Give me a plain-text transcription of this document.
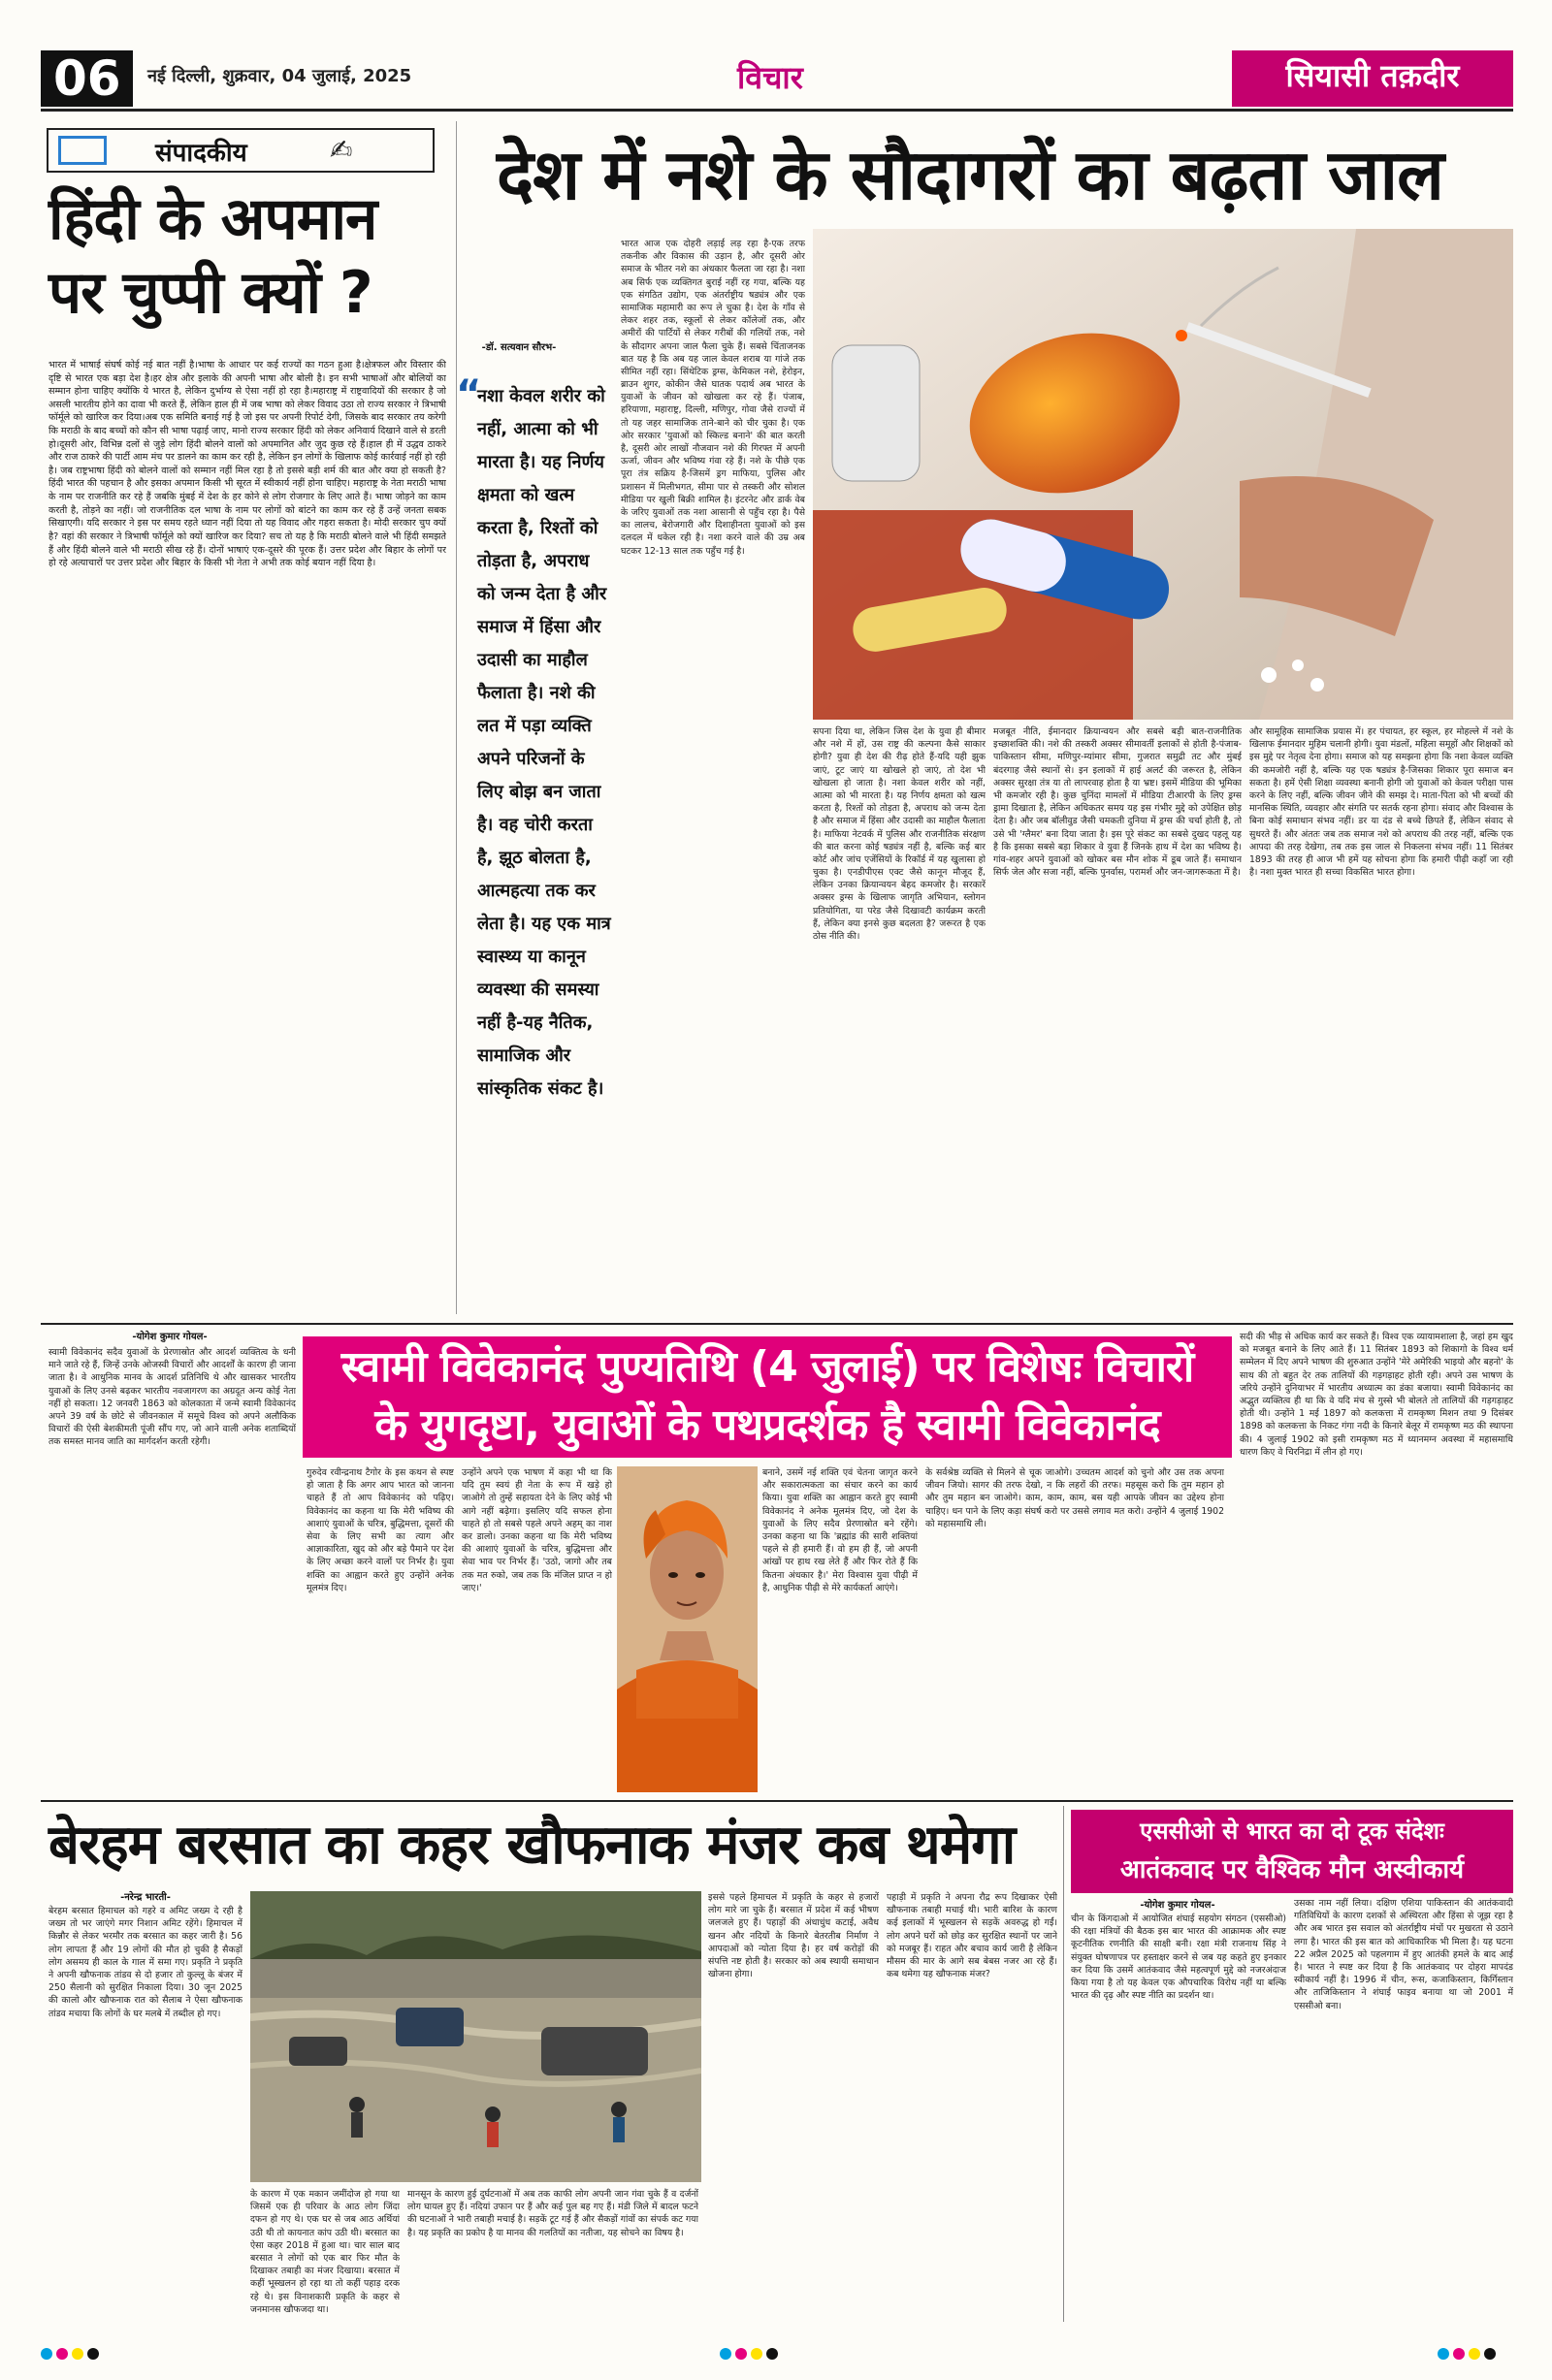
06 नई दिल्ली, शुक्रवार, 04 जुलाई, 2025	विचार	सियासी तक़दीर
संपादकीय	✍
हिंदी के अपमान पर चुप्पी क्यों ?
भारत में भाषाई संघर्ष कोई नई बात नहीं है।भाषा के आधार पर कई राज्यों का गठन हुआ है।क्षेत्रफल और विस्तार की दृष्टि से भारत एक बड़ा देश है।हर क्षेत्र और इलाके की अपनी भाषा और बोली है। इन सभी भाषाओं और बोलियों का सम्मान होना चाहिए क्योंकि ये भारत है, लेकिन दुर्भाग्य से ऐसा नहीं हो रहा है।महाराष्ट्र में राष्ट्रवादियों की सरकार है जो असली भारतीय होने का दावा भी करते हैं, लेकिन हाल ही में जब भाषा को लेकर विवाद उठा तो राज्य सरकार ने त्रिभाषी फॉर्मूले को खारिज कर दिया।अब एक समिति बनाई गई है जो इस पर अपनी रिपोर्ट देगी, जिसके बाद सरकार तय करेगी कि मराठी के बाद बच्चों को कौन सी भाषा पढ़ाई जाए, मानो राज्य सरकार हिंदी को लेकर अनिवार्य दिखाने वाले से डरती हो।दूसरी ओर, विभिन्न दलों से जुड़े लोग हिंदी बोलने वालों को अपमानित और जुद कुछ रहे हैं।हाल ही में उद्धव ठाकरे और राज ठाकरे की पार्टी आम मंच पर डालने का काम कर रही है, लेकिन इन लोगों के खिलाफ कोई कार्रवाई नहीं हो रही है। जब राष्ट्रभाषा हिंदी को बोलने वालों को सम्मान नहीं मिल रहा है तो इससे बड़ी शर्म की बात और क्या हो सकती है? हिंदी भारत की पहचान है और इसका अपमान किसी भी सूरत में स्वीकार्य नहीं होना चाहिए। महाराष्ट्र के नेता मराठी भाषा के नाम पर राजनीति कर रहे हैं जबकि मुंबई में देश के हर कोने से लोग रोजगार के लिए आते हैं। भाषा जोड़ने का काम करती है, तोड़ने का नहीं। जो राजनीतिक दल भाषा के नाम पर लोगों को बांटने का काम कर रहे हैं उन्हें जनता सबक सिखाएगी। यदि सरकार ने इस पर समय रहते ध्यान नहीं दिया तो यह विवाद और गहरा सकता है। मोदी सरकार चुप क्यों है? वहां की सरकार ने त्रिभाषी फॉर्मूले को क्यों खारिज कर दिया? सच तो यह है कि मराठी बोलने वाले भी हिंदी समझते हैं और हिंदी बोलने वाले भी मराठी सीख रहे हैं। दोनों भाषाएं एक-दूसरे की पूरक हैं। उत्तर प्रदेश और बिहार के लोगों पर हो रहे अत्याचारों पर उत्तर प्रदेश और बिहार के किसी भी नेता ने अभी तक कोई बयान नहीं दिया है।
देश में नशे के सौदागरों का बढ़ता जाल
-डॉ. सत्यवान सौरभ-
“
नशा केवल शरीर को नहीं, आत्मा को भी मारता है। यह निर्णय क्षमता को खत्म करता है, रिश्तों को तोड़ता है, अपराध को जन्म देता है और समाज में हिंसा और उदासी का माहौल फैलाता है। नशे की लत में पड़ा व्यक्ति अपने परिजनों के लिए बोझ बन जाता है। वह चोरी करता है, झूठ बोलता है, आत्महत्या तक कर लेता है। यह एक मात्र स्वास्थ्य या कानून व्यवस्था की समस्या नहीं है-यह नैतिक, सामाजिक और सांस्कृतिक संकट है।
भारत आज एक दोहरी लड़ाई लड़ रहा है-एक तरफ तकनीक और विकास की उड़ान है, और दूसरी ओर समाज के भीतर नशे का अंधकार फैलता जा रहा है। नशा अब सिर्फ एक व्यक्तिगत बुराई नहीं रह गया, बल्कि यह एक संगठित उद्योग, एक अंतर्राष्ट्रीय षड्यंत्र और एक सामाजिक महामारी का रूप ले चुका है। देश के गाँव से लेकर शहर तक, स्कूलों से लेकर कॉलेजों तक, और अमीरों की पार्टियों से लेकर गरीबों की गलियों तक, नशे के सौदागर अपना जाल फैला चुके हैं। सबसे चिंताजनक बात यह है कि अब यह जाल केवल शराब या गांजे तक सीमित नहीं रहा। सिंथेटिक ड्रग्स, केमिकल नशे, हेरोइन, ब्राउन शुगर, कोकीन जैसे घातक पदार्थ अब भारत के युवाओं के जीवन को खोखला कर रहे हैं। पंजाब, हरियाणा, महाराष्ट्र, दिल्ली, मणिपुर, गोवा जैसे राज्यों में तो यह जहर सामाजिक ताने-बाने को चीर चुका है। एक ओर सरकार 'युवाओं को स्किल्ड बनाने' की बात करती है, दूसरी ओर लाखों नौजवान नशे की गिरफ्त में अपनी ऊर्जा, जीवन और भविष्य गंवा रहे हैं। नशे के पीछे एक पूरा तंत्र सक्रिय है-जिसमें ड्रग माफिया, पुलिस और प्रशासन में मिलीभगत, सीमा पार से तस्करी और सोशल मीडिया पर खुली बिक्री शामिल है। इंटरनेट और डार्क वेब के जरिए युवाओं तक नशा आसानी से पहुँच रहा है। पैसे का लालच, बेरोजगारी और दिशाहीनता युवाओं को इस दलदल में धकेल रही है। नशा करने वाले की उम्र अब घटकर 12-13 साल तक पहुँच गई है।
सपना दिया था, लेकिन जिस देश के युवा ही बीमार और नशे में हों, उस राष्ट्र की कल्पना कैसे साकार होगी? युवा ही देश की रीढ़ होते हैं-यदि यही झुक जाएं, टूट जाएं या खोखले हो जाएं, तो देश भी खोखला हो जाता है। नशा केवल शरीर को नहीं, आत्मा को भी मारता है। यह निर्णय क्षमता को खत्म करता है, रिश्तों को तोड़ता है, अपराध को जन्म देता है और समाज में हिंसा और उदासी का माहौल फैलाता है। माफिया नेटवर्क में पुलिस और राजनीतिक संरक्षण की बात करना कोई षड्यंत्र नहीं है, बल्कि कई बार कोर्ट और जांच एजेंसियों के रिकॉर्ड में यह खुलासा हो चुका है। एनडीपीएस एक्ट जैसे कानून मौजूद हैं, लेकिन उनका क्रियान्वयन बेहद कमजोर है। सरकारें अक्सर ड्रग्स के खिलाफ जागृति अभियान, स्लोगन प्रतियोगिता, या परेड जैसे दिखावटी कार्यक्रम करती हैं, लेकिन क्या इनसे कुछ बदलता है? जरूरत है एक ठोस नीति की।
मजबूत नीति, ईमानदार क्रियान्वयन और सबसे बड़ी बात-राजनीतिक इच्छाशक्ति की। नशे की तस्करी अक्सर सीमावर्ती इलाकों से होती है-पंजाब-पाकिस्तान सीमा, मणिपुर-म्यांमार सीमा, गुजरात समुद्री तट और मुंबई बंदरगाह जैसे स्थानों से। इन इलाकों में हाई अलर्ट की जरूरत है, लेकिन अक्सर सुरक्षा तंत्र या तो लापरवाह होता है या भ्रष्ट। इसमें मीडिया की भूमिका भी कमजोर रही है। कुछ चुनिंदा मामलों में मीडिया टीआरपी के लिए ड्रग्स ड्रामा दिखाता है, लेकिन अधिकतर समय यह इस गंभीर मुद्दे को उपेक्षित छोड़ देता है। और जब बॉलीवुड जैसी चमकती दुनिया में ड्रग्स की चर्चा होती है, तो उसे भी 'ग्लैमर' बना दिया जाता है। इस पूरे संकट का सबसे दुखद पहलू यह है कि इसका सबसे बड़ा शिकार वे युवा हैं जिनके हाथ में देश का भविष्य है। गांव-शहर अपने युवाओं को खोकर बस मौन शोक में डूब जाते हैं। समाधान सिर्फ जेल और सजा नहीं, बल्कि पुनर्वास, परामर्श और जन-जागरूकता में है।
और सामूहिक सामाजिक प्रयास में। हर पंचायत, हर स्कूल, हर मोहल्ले में नशे के खिलाफ ईमानदार मुहिम चलानी होगी। युवा मंडलों, महिला समूहों और शिक्षकों को इस मुद्दे पर नेतृत्व देना होगा। समाज को यह समझना होगा कि नशा केवल व्यक्ति की कमजोरी नहीं है, बल्कि यह एक षड्यंत्र है-जिसका शिकार पूरा समाज बन सकता है। हमें ऐसी शिक्षा व्यवस्था बनानी होगी जो युवाओं को केवल परीक्षा पास करने के लिए नहीं, बल्कि जीवन जीने की समझ दे। माता-पिता को भी बच्चों की मानसिक स्थिति, व्यवहार और संगति पर सतर्क रहना होगा। संवाद और विश्वास के बिना कोई समाधान संभव नहीं। डर या दंड से बच्चे छिपते हैं, लेकिन संवाद से सुधरते हैं। और अंततः जब तक समाज नशे को अपराध की तरह नहीं, बल्कि एक आपदा की तरह देखेगा, तब तक इस जाल से निकलना संभव नहीं। 11 सितंबर 1893 की तरह ही आज भी हमें यह सोचना होगा कि हमारी पीढ़ी कहाँ जा रही है। नशा मुक्त भारत ही सच्चा विकसित भारत होगा।
-योगेश कुमार गोयल-
स्वामी विवेकानंद सदैव युवाओं के प्रेरणास्रोत और आदर्श व्यक्तित्व के धनी माने जाते रहे हैं, जिन्हें उनके ओजस्वी विचारों और आदर्शों के कारण ही जाना जाता है। वे आधुनिक मानव के आदर्श प्रतिनिधि थे और खासकर भारतीय युवाओं के लिए उनसे बढ़कर भारतीय नवजागरण का अग्रदूत अन्य कोई नेता नहीं हो सकता। 12 जनवरी 1863 को कोलकाता में जन्मे स्वामी विवेकानंद अपने 39 वर्ष के छोटे से जीवनकाल में समूचे विश्व को अपने अलौकिक विचारों की ऐसी बेशकीमती पूंजी सौंप गए, जो आने वाली अनेक शताब्दियों तक समस्त मानव जाति का मार्गदर्शन करती रहेगी।
स्वामी विवेकानंद पुण्यतिथि (4 जुलाई) पर विशेषः विचारों
के युगदृष्टा, युवाओं के पथप्रदर्शक है स्वामी विवेकानंद
गुरुदेव रवीन्द्रनाथ टैगोर के इस कथन से स्पष्ट हो जाता है कि अगर आप भारत को जानना चाहते हैं तो आप विवेकानंद को पढ़िए। विवेकानंद का कहना था कि मेरी भविष्य की आशाएं युवाओं के चरित्र, बुद्धिमत्ता, दूसरों की सेवा के लिए सभी का त्याग और आज्ञाकारिता, खुद को और बड़े पैमाने पर देश के लिए अच्छा करने वालों पर निर्भर है। युवा शक्ति का आह्वान करते हुए उन्होंने अनेक मूलमंत्र दिए।
उन्होंने अपने एक भाषण में कहा भी था कि यदि तुम स्वयं ही नेता के रूप में खड़े हो जाओगे तो तुम्हें सहायता देने के लिए कोई भी आगे नहीं बढ़ेगा। इसलिए यदि सफल होना चाहते हो तो सबसे पहले अपने अहम् का नाश कर डालो। उनका कहना था कि मेरी भविष्य की आशाएं युवाओं के चरित्र, बुद्धिमत्ता और सेवा भाव पर निर्भर हैं। 'उठो, जागो और तब तक मत रुको, जब तक कि मंजिल प्राप्त न हो जाए।'
बनाने, उसमें नई शक्ति एवं चेतना जागृत करने और सकारात्मकता का संचार करने का कार्य किया। युवा शक्ति का आह्वान करते हुए स्वामी विवेकानंद ने अनेक मूलमंत्र दिए, जो देश के युवाओं के लिए सदैव प्रेरणास्रोत बने रहेंगे। उनका कहना था कि 'ब्रह्मांड की सारी शक्तियां पहले से ही हमारी हैं। वो हम ही हैं, जो अपनी आंखों पर हाथ रख लेते हैं और फिर रोते हैं कि कितना अंधकार है।' मेरा विश्वास युवा पीढ़ी में है, आधुनिक पीढ़ी से मेरे कार्यकर्ता आएंगे।
के सर्वश्रेष्ठ व्यक्ति से मिलने से चूक जाओगे। उच्चतम आदर्श को चुनो और उस तक अपना जीवन जियो। सागर की तरफ देखो, न कि लहरों की तरफ। महसूस करो कि तुम महान हो और तुम महान बन जाओगे। काम, काम, काम, बस यही आपके जीवन का उद्देश्य होना चाहिए। धन पाने के लिए कड़ा संघर्ष करो पर उससे लगाव मत करो। उन्होंने 4 जुलाई 1902 को महासमाधि ली।
सदी की भीड़ से अधिक कार्य कर सकते हैं। विश्व एक व्यायामशाला है, जहां हम खुद को मजबूत बनाने के लिए आते हैं। 11 सितंबर 1893 को शिकागो के विश्व धर्म सम्मेलन में दिए अपने भाषण की शुरुआत उन्होंने 'मेरे अमेरिकी भाइयो और बहनो' के साथ की तो बहुत देर तक तालियों की गड़गड़ाहट होती रही। अपने उस भाषण के जरिये उन्होंने दुनियाभर में भारतीय अध्यात्म का डंका बजाया। स्वामी विवेकानंद का अद्भुत व्यक्तित्व ही था कि वे यदि मंच से गुस्से भी बोलते तो तालियों की गड़गड़ाहट होती थी। उन्होंने 1 मई 1897 को कलकत्ता में रामकृष्ण मिशन तथा 9 दिसंबर 1898 को कलकत्ता के निकट गंगा नदी के किनारे बेलूर में रामकृष्ण मठ की स्थापना की। 4 जुलाई 1902 को इसी रामकृष्ण मठ में ध्यानमग्न अवस्था में महासमाधि धारण किए वे चिरनिद्रा में लीन हो गए।
बेरहम बरसात का कहर खौफनाक मंजर कब थमेगा
-नरेन्द्र भारती-
बेरहम बरसात हिमाचल को गहरे व अमिट जख्म दे रही है जख्म तो भर जाएंगे मगर निशान अमिट रहेंगे। हिमाचल में किन्नौर से लेकर भरमौर तक बरसात का कहर जारी है। 56 लोग लापता हैं और 19 लोगों की मौत हो चुकी है सैकड़ों लोग असमय ही काल के गाल में समा गए। प्रकृति ने प्रकृति ने अपनी खौफनाक तांडव से दो हजार तो कुल्लू के बंजर में 250 सैलानी को सुरक्षित निकाला दिया। 30 जून 2025 की कालो और खौफनाक रात को सैलाब ने ऐसा खौफनाक तांडव मचाया कि लोगों के घर मलबे में तब्दील हो गए।
के कारण में एक मकान जमींदोज हो गया था जिसमें एक ही परिवार के आठ लोग जिंदा दफन हो गए थे। एक घर से जब आठ अर्थियां उठी थी तो कायनात कांप उठी थी। बरसात का ऐसा कहर 2018 में हुआ था। चार साल बाद बरसात ने लोगों को एक बार फिर मौत के दिखाकर तबाही का मंजर दिखाया। बरसात में कहीं भूस्खलन हो रहा था तो कहीं पहाड़ दरक रहे थे। इस विनाशकारी प्रकृति के कहर से जनमानस खौफजदा था।
मानसून के कारण हुई दुर्घटनाओं में अब तक काफी लोग अपनी जान गंवा चुके हैं व दर्जनों लोग घायल हुए हैं। नदियां उफान पर हैं और कई पुल बह गए हैं। मंडी जिले में बादल फटने की घटनाओं ने भारी तबाही मचाई है। सड़कें टूट गई हैं और सैकड़ों गांवों का संपर्क कट गया है। यह प्रकृति का प्रकोप है या मानव की गलतियों का नतीजा, यह सोचने का विषय है।
इससे पहले हिमाचल में प्रकृति के कहर से हजारों लोग मारे जा चुके हैं। बरसात में प्रदेश में कई भीषण जलजले हुए हैं। पहाड़ों की अंधाधुंध कटाई, अवैध खनन और नदियों के किनारे बेतरतीब निर्माण ने आपदाओं को न्योता दिया है। हर वर्ष करोड़ों की संपत्ति नष्ट होती है। सरकार को अब स्थायी समाधान खोजना होगा।
पहाड़ी में प्रकृति ने अपना रौद्र रूप दिखाकर ऐसी खौफनाक तबाही मचाई थी। भारी बारिश के कारण कई इलाकों में भूस्खलन से सड़कें अवरुद्ध हो गईं। लोग अपने घरों को छोड़ कर सुरक्षित स्थानों पर जाने को मजबूर हैं। राहत और बचाव कार्य जारी है लेकिन मौसम की मार के आगे सब बेबस नजर आ रहे हैं। कब थमेगा यह खौफनाक मंजर?
एससीओ से भारत का दो टूक संदेशः
आतंकवाद पर वैश्विक मौन अस्वीकार्य
-योगेश कुमार गोयल-
चीन के किंगदाओ में आयोजित शंघाई सहयोग संगठन (एससीओ) की रक्षा मंत्रियों की बैठक इस बार भारत की आक्रामक और स्पष्ट कूटनीतिक रणनीति की साक्षी बनी। रक्षा मंत्री राजनाथ सिंह ने संयुक्त घोषणापत्र पर हस्ताक्षर करने से जब यह कहते हुए इनकार कर दिया कि उसमें आतंकवाद जैसे महत्वपूर्ण मुद्दे को नजरअंदाज किया गया है तो यह केवल एक औपचारिक विरोध नहीं था बल्कि भारत की दृढ़ और स्पष्ट नीति का प्रदर्शन था।
उसका नाम नहीं लिया। दक्षिण एशिया पाकिस्तान की आतंकवादी गतिविधियों के कारण दशकों से अस्थिरता और हिंसा से जूझ रहा है और अब भारत इस सवाल को अंतर्राष्ट्रीय मंचों पर मुखरता से उठाने लगा है। भारत की इस बात को आधिकारिक भी मिला है। यह घटना 22 अप्रैल 2025 को पहलगाम में हुए आतंकी हमले के बाद आई है। भारत ने स्पष्ट कर दिया है कि आतंकवाद पर दोहरा मापदंड स्वीकार्य नहीं है। 1996 में चीन, रूस, कजाकिस्तान, किर्गिस्तान और ताजिकिस्तान ने शंघाई फाइव बनाया था जो 2001 में एससीओ बना।
